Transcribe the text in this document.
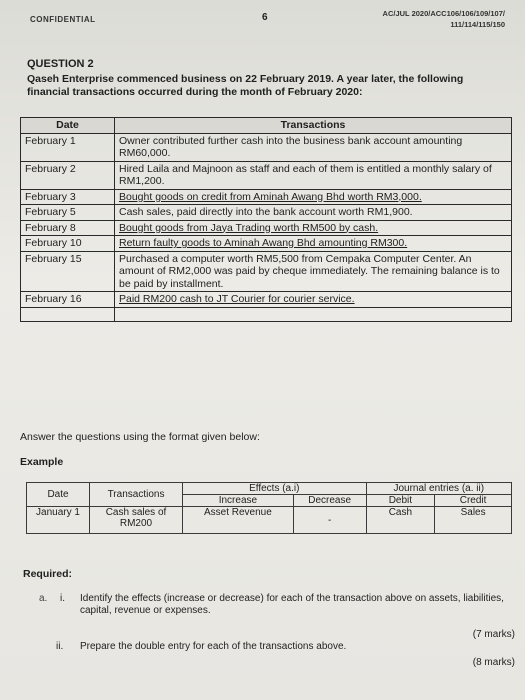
CONFIDENTIAL	6	AC/JUL 2020/ACC106/106/109/107/
111/114/115/150
QUESTION 2
Qaseh Enterprise commenced business on 22 February 2019. A year later, the following financial transactions occurred during the month of February 2020:
Date	Transactions
February 1	Owner contributed further cash into the business bank account amounting RM60,000.
February 2	Hired Laila and Majnoon as staff and each of them is entitled a monthly salary of RM1,200.
February 3	Bought goods on credit from Aminah Awang Bhd worth RM3,000.
February 5	Cash sales, paid directly into the bank account worth RM1,900.
February 8	Bought goods from Jaya Trading worth RM500 by cash.
February 10	Return faulty goods to Aminah Awang Bhd amounting RM300.
February 15	Purchased a computer worth RM5,500 from Cempaka Computer Center. An amount of RM2,000 was paid by cheque immediately. The remaining balance is to be paid by installment.
February 16	Paid RM200 cash to JT Courier for courier service.

Answer the questions using the format given below:
Example
Date	Transactions	Effects (a.i)		Journal entries (a. ii)	
		Increase	Decrease	Debit	Credit
January 1	Cash sales of RM200	Asset Revenue	-	Cash	Sales
Required:
a. i. Identify the effects (increase or decrease) for each of the transaction above on assets, liabilities, capital, revenue or expenses.
(7 marks)
ii. Prepare the double entry for each of the transactions above.
(8 marks)
